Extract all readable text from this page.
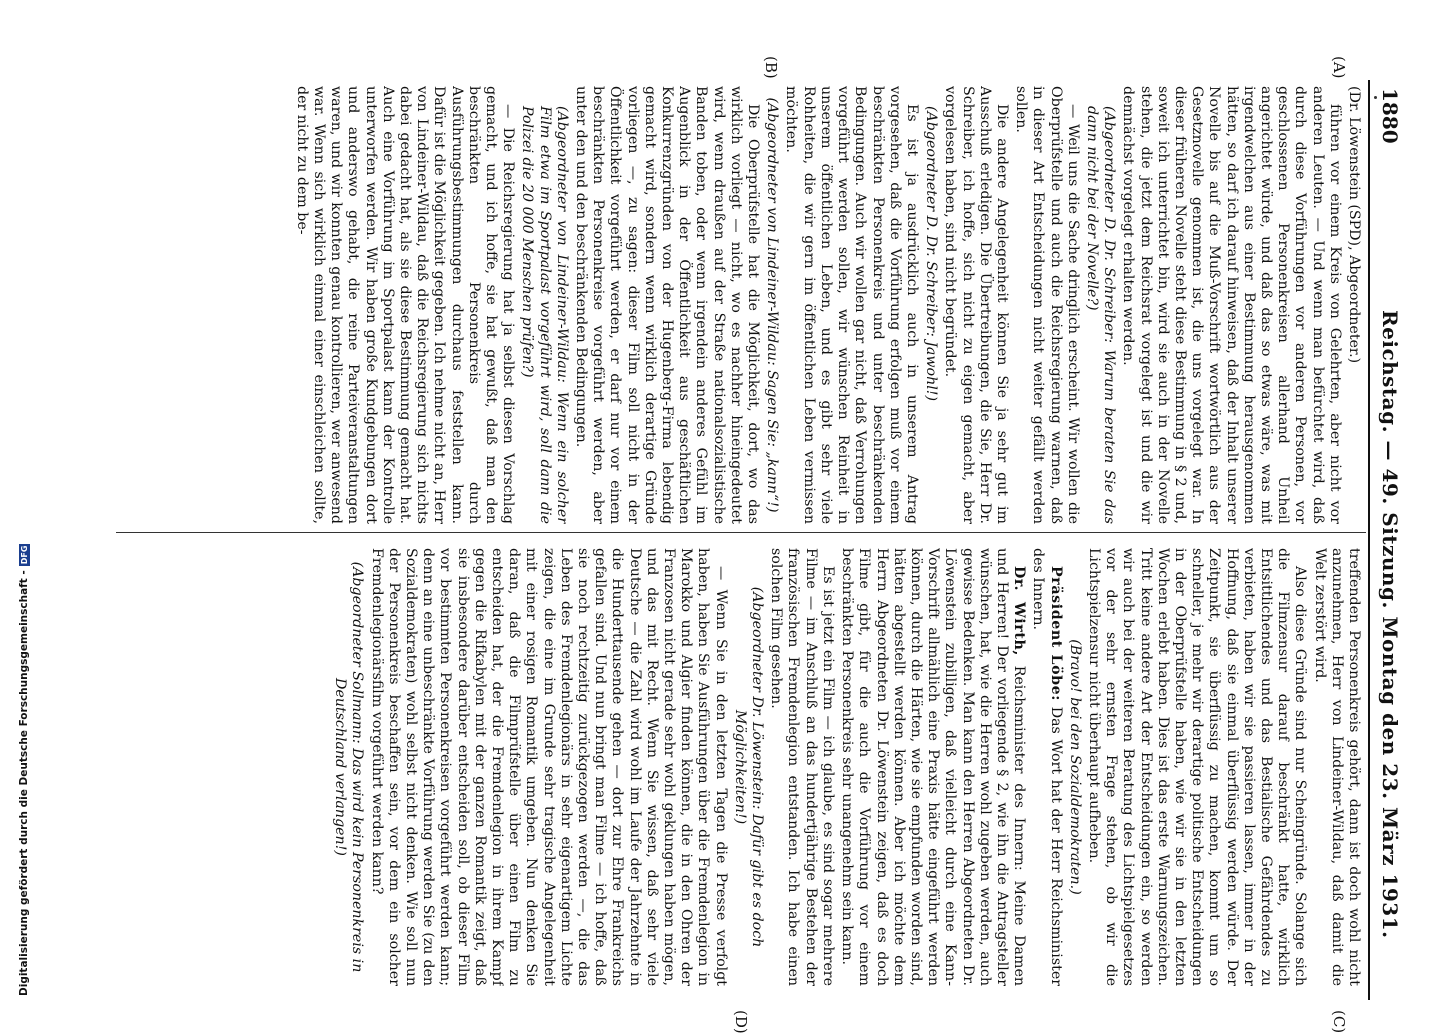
1880
Reichstag. — 49. Sitzung. Montag den 23. März 1931.
(A)
(B)
(C)
(D)

(Dr. Löwenstein (SPD), Abgeordneter.)

führen vor einem Kreis von Gelehrten, aber nicht vor anderen Leuten. — Und wenn man befürchtet wird, daß durch diese Vorführungen vor anderen Personen, vor geschlossenen Personenkreisen allerhand Unheil angerichtet würde, und daß das so etwas wäre, was mit irgendwelchen aus einer Bestimmung herausgenommen hätten, so darf ich darauf hinweisen, daß der Inhalt unserer Novelle bis auf die Muß-Vorschrift wortwörtlich aus der Gesetznovelle genommen ist, die uns vorgelegt war. In dieser früheren Novelle steht diese Bestimmung in § 2 und, soweit ich unterrichtet bin, wird sie auch in der Novelle stehen, die jetzt dem Reichsrat vorgelegt ist und die wir demnächst vorgelegt erhalten werden.

(Abgeordneter D. Dr. Schreiber: Warum beraten Sie das dann nicht bei der Novelle?)

— Weil uns die Sache dringlich erscheint. Wir wollen die Oberprüfstelle und auch die Reichsregierung warnen, daß in dieser Art Entscheidungen nicht weiter gefällt werden sollen.

Die andere Angelegenheit können Sie ja sehr gut im Ausschuß erledigen. Die Übertreibungen, die Sie, Herr Dr. Schreiber, ich hoffe, sich nicht zu eigen gemacht, aber vorgelesen haben, sind nicht begründet.

(Abgeordneter D. Dr. Schreiber: Jawohl!)

Es ist ja ausdrücklich auch in unserem Antrag vorgesehen, daß die Vorführung erfolgen muß vor einem beschränkten Personenkreis und unter beschränkenden Bedingungen. Auch wir wollen gar nicht, daß Verrohungen vorgeführt werden sollen, wir wünschen Reinheit in unserem öffentlichen Leben, und es gibt sehr viele Rohheiten, die wir gern im öffentlichen Leben vermissen möchten.

(Abgeordneter von Lindeiner-Wildau: Sagen Sie: „kann“!)

Die Oberprüfstelle hat die Möglichkeit, dort, wo das wirklich vorliegt — nicht, wo es nachher hineingedeutet wird, wenn draußen auf der Straße nationalsozialistische Banden toben, oder wenn irgendein anderes Gefühl im Augenblick in der Öffentlichkeit aus geschäftlichen Konkurrenzgründen von der Hugenberg-Firma lebendig gemacht wird, sondern wenn wirklich derartige Gründe vorliegen —, zu sagen: dieser Film soll nicht in der Öffentlichkeit vorgeführt werden, er darf nur vor einem beschränkten Personenkreise vorgeführt werden, aber unter den und den beschränkenden Bedingungen.

(Abgeordneter von Lindeiner-Wildau: Wenn ein solcher Film etwa im Sportpalast vorgeführt wird, soll dann die Polizei die 20 000 Menschen prüfen?)

— Die Reichsregierung hat ja selbst diesen Vorschlag gemacht, und ich hoffe, sie hat gewußt, daß man den beschränkten Personenkreis durch Ausführungsbestimmungen durchaus feststellen kann. Dafür ist die Möglichkeit gegeben. Ich nehme nicht an, Herr von Lindeiner-Wildau, daß die Reichsregierung sich nichts dabei gedacht hat, als sie diese Bestimmung gemacht hat. Auch eine Vorführung im Sportpalast kann der Kontrolle unterworfen werden. Wir haben große Kundgebungen dort und anderswo gehabt, die reine Parteiveranstaltungen waren, und wir konnten genau kontrollieren, wer anwesend war. Wenn sich wirklich einmal einer einschleichen sollte, der nicht zu dem be-

treffenden Personenkreis gehört, dann ist doch wohl nicht anzunehmen, Herr von Lindeiner-Wildau, daß damit die Welt zerstört wird.

Also diese Gründe sind nur Scheingründe. Solange sich die Filmzensur darauf beschränkt hatte, wirklich Entsittlichendes und das Bestialische Gefährdendes zu verbieten, haben wir sie passieren lassen, immer in der Hoffnung, daß sie einmal überflüssig werden würde. Der Zeitpunkt, sie überflüssig zu machen, kommt um so schneller, je mehr wir derartige politische Entscheidungen in der Oberprüfstelle haben, wie wir sie in den letzten Wochen erlebt haben. Dies ist das erste Warnungszeichen. Tritt keine andere Art der Entscheidungen ein, so werden wir auch bei der weiteren Beratung des Lichtspielgesetzes vor der sehr ernsten Frage stehen, ob wir die Lichtspielzensur nicht überhaupt aufheben.

(Bravo! bei den Sozialdemokraten.)

Präsident Löbe: Das Wort hat der Herr Reichsminister des Innern.

Dr. Wirth, Reichsminister des Innern: Meine Damen und Herren! Der vorliegende § 2, wie ihn die Antragsteller wünschen, hat, wie die Herren wohl zugeben werden, auch gewisse Bedenken. Man kann den Herren Abgeordneten Dr. Löwenstein zubilligen, daß vielleicht durch eine Kann-Vorschrift allmählich eine Praxis hätte eingeführt werden können, durch die Härten, wie sie empfunden worden sind, hätten abgestellt werden können. Aber ich möchte dem Herrn Abgeordneten Dr. Löwenstein zeigen, daß es doch Filme gibt, für die auch die Vorführung vor einem beschränkten Personenkreis sehr unangenehm sein kann.

Es ist jetzt ein Film — ich glaube, es sind sogar mehrere Filme — im Anschluß an das hundertjährige Bestehen der französischen Fremdenlegion entstanden. Ich habe einen solchen Film gesehen.

(Abgeordneter Dr. Löwenstein: Dafür gibt es doch Möglichkeiten!)

— Wenn Sie in den letzten Tagen die Presse verfolgt haben, haben Sie Ausführungen über die Fremdenlegion in Marokko und Algier finden können, die in den Ohren der Franzosen nicht gerade sehr wohl geklungen haben mögen, und das mit Recht. Wenn Sie wissen, daß sehr viele Deutsche — die Zahl wird wohl im Laufe der Jahrzehnte in die Hunderttausende gehen — dort zur Ehre Frankreichs gefallen sind. Und nun bringt man Filme — ich hoffe, daß sie noch rechtzeitig zurückgezogen werden —, die das Leben des Fremdenlegionärs in sehr eigenartigem Lichte zeigen, die eine im Grunde sehr tragische Angelegenheit mit einer rosigen Romantik umgeben. Nun denken Sie daran, daß die Filmprüfstelle über einen Film zu entscheiden hat, der die Fremdenlegion in ihrem Kampf gegen die Rifkabylen mit der ganzen Romantik zeigt, daß sie insbesondere darüber entscheiden soll, ob dieser Film vor bestimmten Personenkreisen vorgeführt werden kann; denn an eine unbeschränkte Vorführung werden Sie (zu den Sozialdemokraten) wohl selbst nicht denken. Wie soll nun der Personenkreis beschaffen sein, vor dem ein solcher Fremdenlegionärsfilm vorgeführt werden kann?

(Abgeordneter Sollmann: Das wird kein Personenkreis in Deutschland verlangen!)

Digitalisierung gefördert durch die Deutsche Forschungsgemeinschaft -
DFG
